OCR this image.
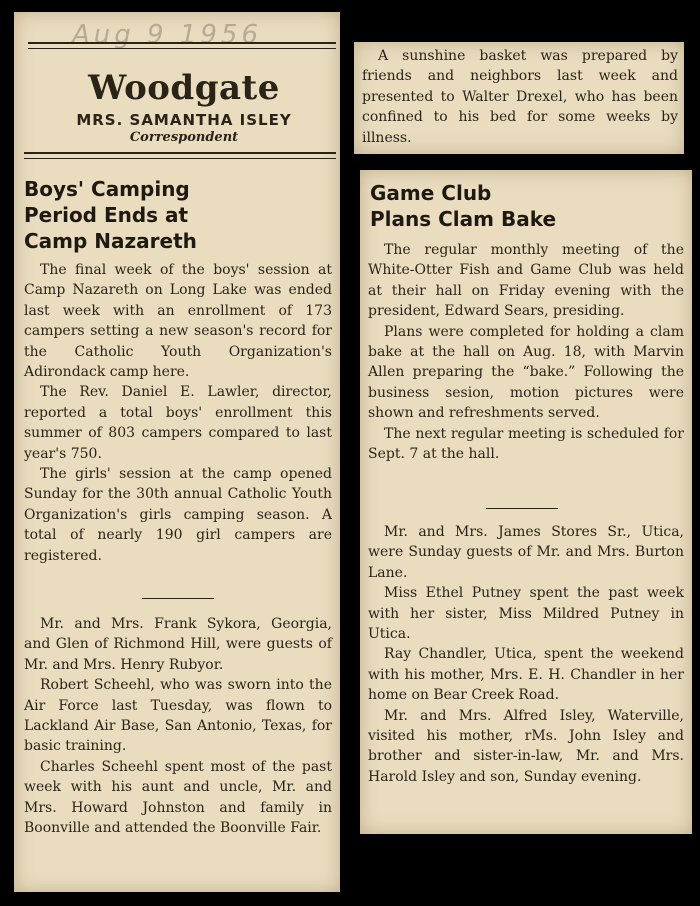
Aug 9 1956

Woodgate

MRS. SAMANTHA ISLEY

Correspondent

Boys' Camping
Period Ends at
Camp Nazareth

The final week of the boys' session at Camp Nazareth on Long Lake was ended last week with an enrollment of 173 campers setting a new season's record for the Catholic Youth Organization's Adirondack camp here.

The Rev. Daniel E. Lawler, director, reported a total boys' enrollment this summer of 803 campers compared to last year's 750.

The girls' session at the camp opened Sunday for the 30th annual Catholic Youth Organization's girls camping season. A total of nearly 190 girl campers are registered.

Mr. and Mrs. Frank Sykora, Georgia, and Glen of Richmond Hill, were guests of Mr. and Mrs. Henry Rubyor.

Robert Scheehl, who was sworn into the Air Force last Tuesday, was flown to Lackland Air Base, San Antonio, Texas, for basic training.

Charles Scheehl spent most of the past week with his aunt and uncle, Mr. and Mrs. Howard Johnston and family in Boonville and attended the Boonville Fair.

A sunshine basket was prepared by friends and neighbors last week and presented to Walter Drexel, who has been confined to his bed for some weeks by illness.

Game Club
Plans Clam Bake

The regular monthly meeting of the White-Otter Fish and Game Club was held at their hall on Friday evening with the president, Edward Sears, presiding.

Plans were completed for holding a clam bake at the hall on Aug. 18, with Marvin Allen preparing the “bake.” Following the business sesion, motion pictures were shown and refreshments served.

The next regular meeting is scheduled for Sept. 7 at the hall.

Mr. and Mrs. James Stores Sr., Utica, were Sunday guests of Mr. and Mrs. Burton Lane.

Miss Ethel Putney spent the past week with her sister, Miss Mildred Putney in Utica.

Ray Chandler, Utica, spent the weekend with his mother, Mrs. E. H. Chandler in her home on Bear Creek Road.

Mr. and Mrs. Alfred Isley, Waterville, visited his mother, rMs. John Isley and brother and sister-in-law, Mr. and Mrs. Harold Isley and son, Sunday evening.
